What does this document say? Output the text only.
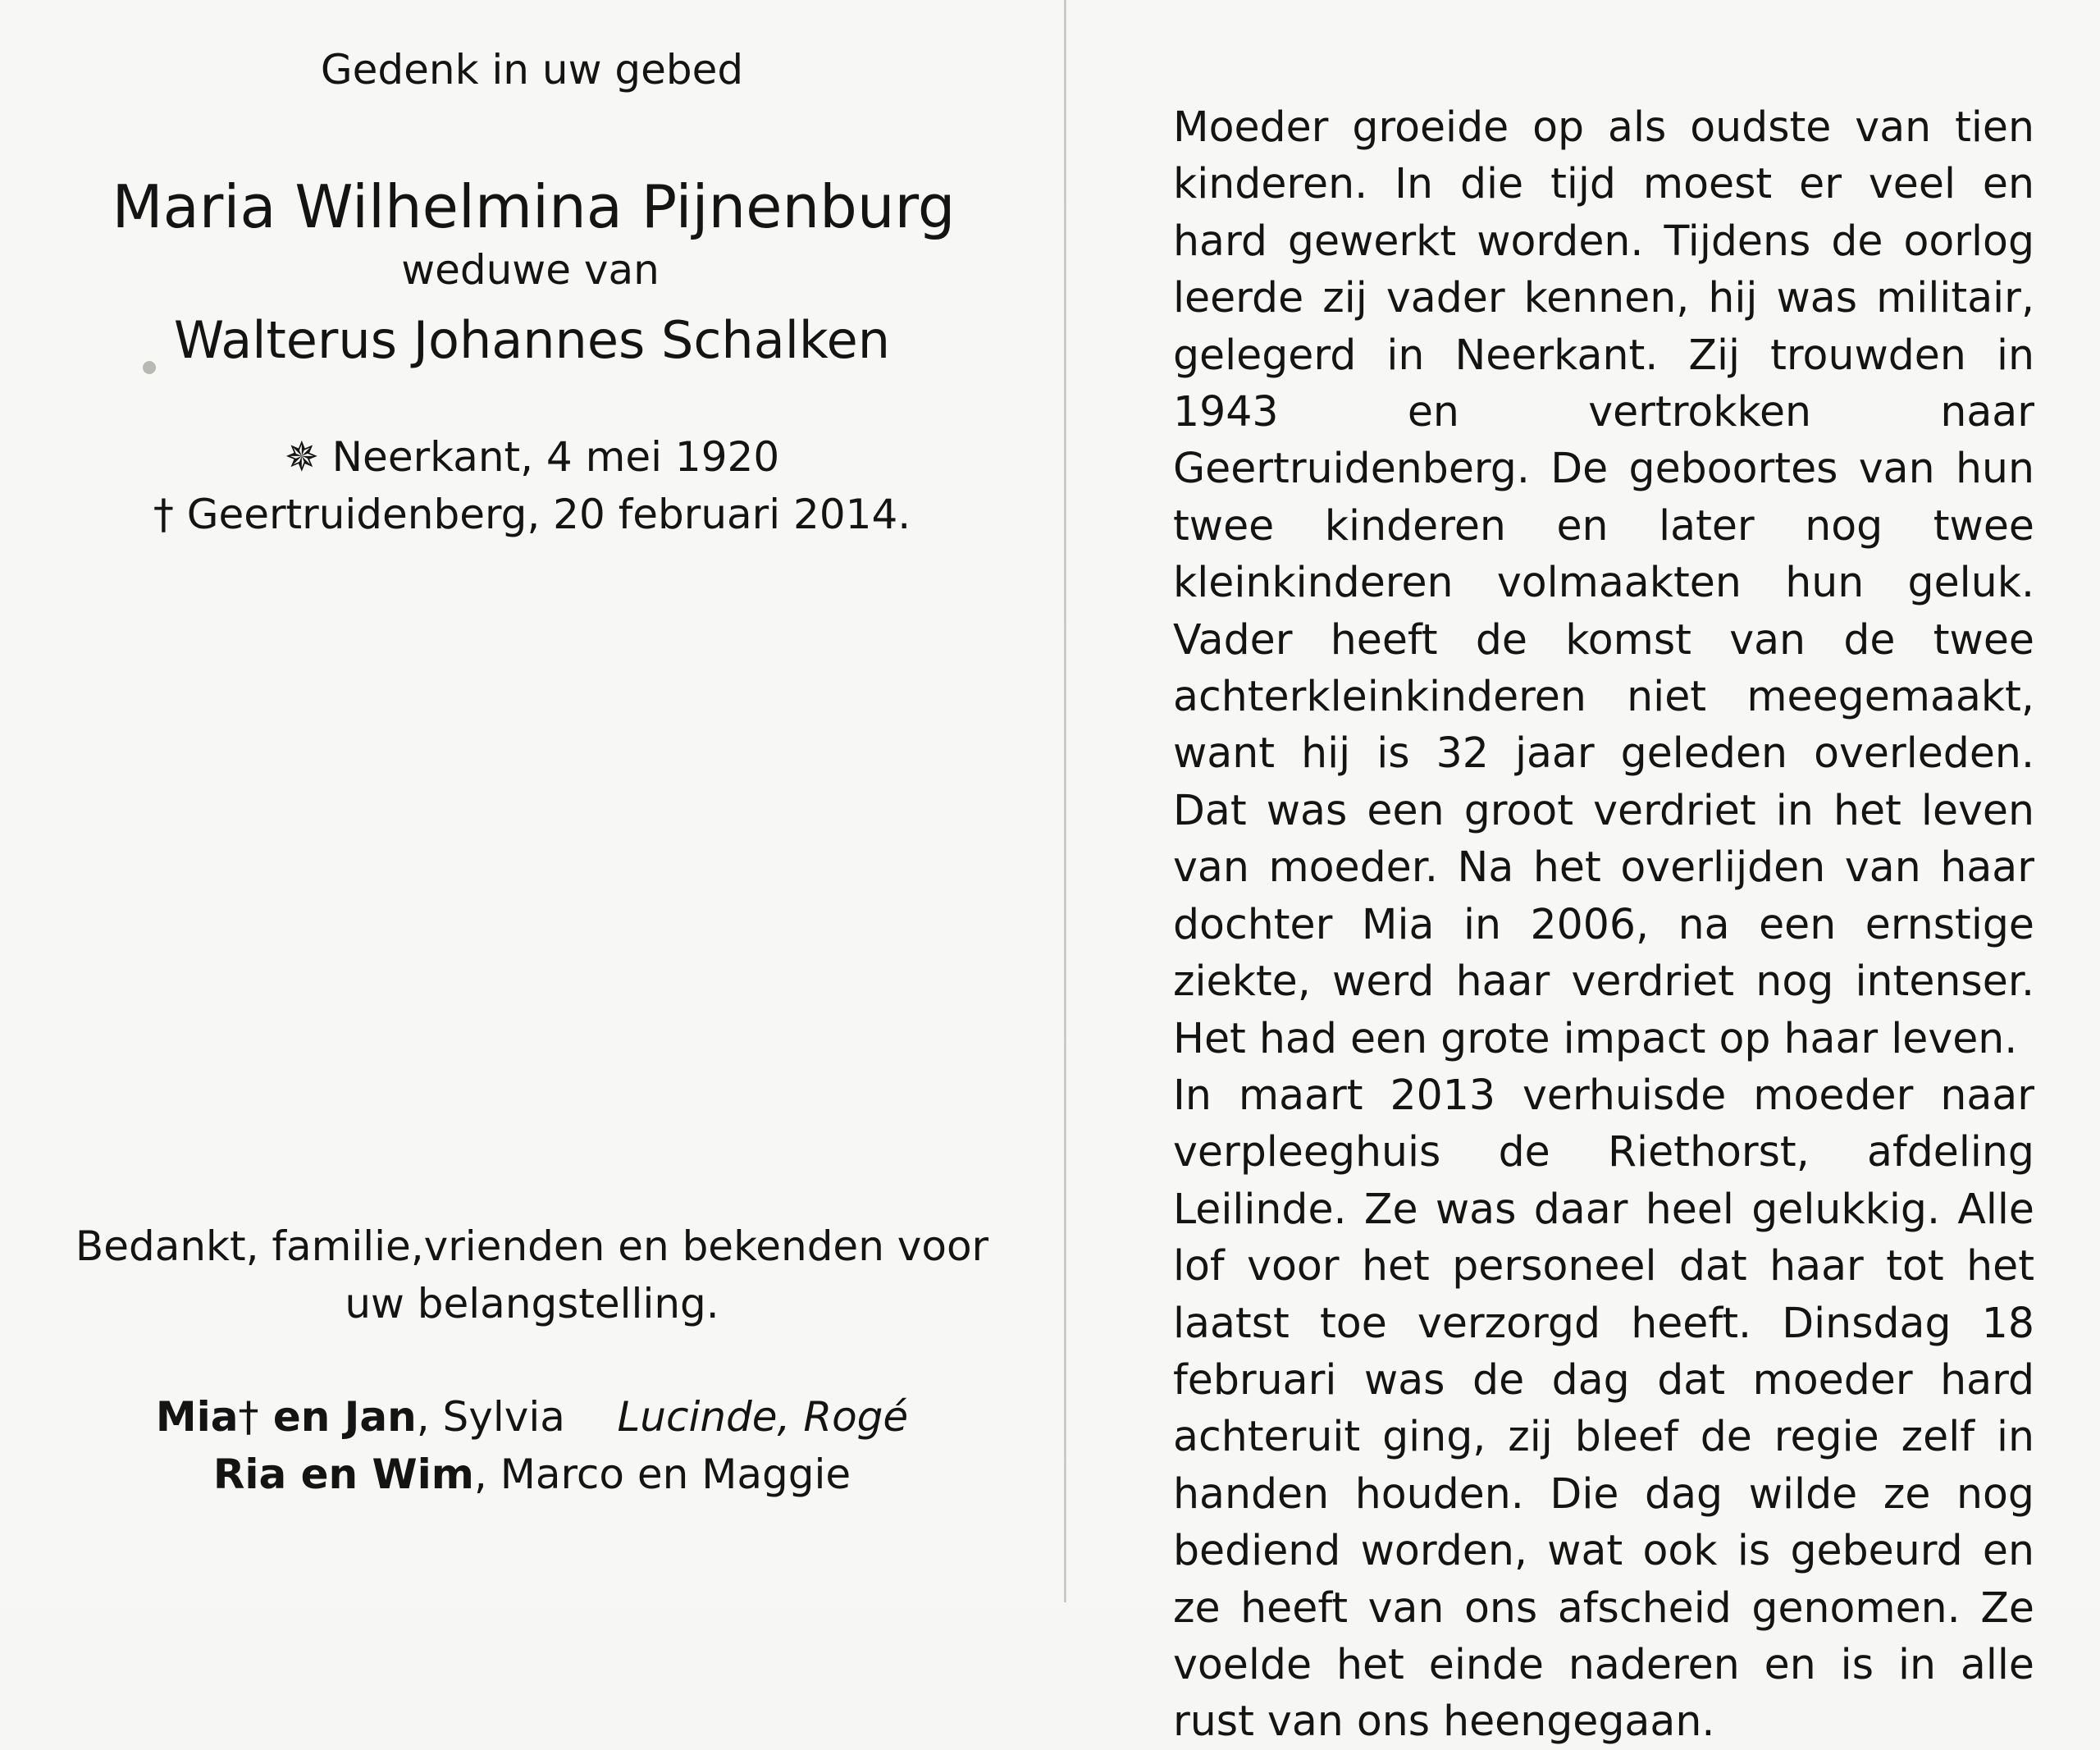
Gedenk in uw gebed
Maria Wilhelmina Pijnenburg
weduwe van
Walterus Johannes Schalken
✵ Neerkant, 4 mei 1920
† Geertruidenberg, 20 februari 2014.
Bedankt, familie,vrienden en bekenden voor
uw belangstelling.
Mia† en Jan, Sylvia Lucinde, Rogé
Ria en Wim, Marco en Maggie

Moeder groeide op als oudste van tien kinderen. In die tijd moest er veel en hard gewerkt worden. Tijdens de oorlog leerde zij vader kennen, hij was militair, gelegerd in Neerkant. Zij trouwden in 1943 en vertrokken naar Geertruidenberg. De geboortes van hun twee kinderen en later nog twee kleinkinderen volmaakten hun geluk. Vader heeft de komst van de twee achterkleinkinderen niet meegemaakt, want hij is 32 jaar geleden overleden. Dat was een groot verdriet in het leven van moeder. Na het overlijden van haar dochter Mia in 2006, na een ernstige ziekte, werd haar verdriet nog intenser. Het had een grote impact op haar leven.

In maart 2013 verhuisde moeder naar verpleeghuis de Riethorst, afdeling Leilinde. Ze was daar heel gelukkig. Alle lof voor het personeel dat haar tot het laatst toe verzorgd heeft. Dinsdag 18 februari was de dag dat moeder hard achteruit ging, zij bleef de regie zelf in handen houden. Die dag wilde ze nog bediend worden, wat ook is gebeurd en ze heeft van ons afscheid genomen. Ze voelde het einde naderen en is in alle rust van ons heengegaan.
